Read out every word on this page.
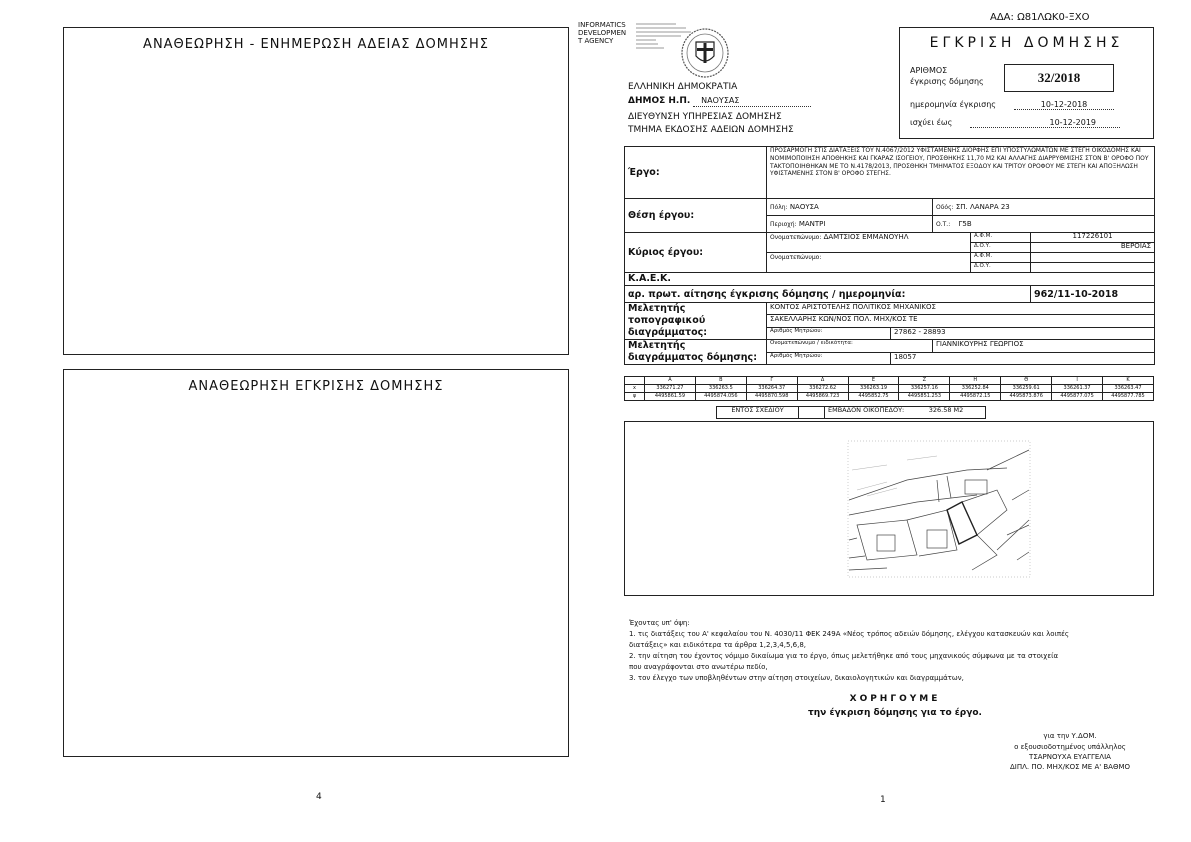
ΑΔΑ: Ω81ΛΩΚ0-ΞΧΟ
ΑΝΑΘΕΩΡΗΣΗ - ΕΝΗΜΕΡΩΣΗ ΑΔΕΙΑΣ ΔΟΜΗΣΗΣ
ΑΝΑΘΕΩΡΗΣΗ ΕΓΚΡΙΣΗΣ ΔΟΜΗΣΗΣ
4
INFORMATICS
DEVELOPMEN
T AGENCY
ΕΛΛΗΝΙΚΗ ΔΗΜΟΚΡΑΤΙΑ
ΔΗΜΟΣ Η.Π. ΝΑΟΥΣΑΣ
ΔΙΕΥΘΥΝΣΗ ΥΠΗΡΕΣΙΑΣ ΔΟΜΗΣΗΣ
ΤΜΗΜΑ ΕΚΔΟΣΗΣ ΑΔΕΙΩΝ ΔΟΜΗΣΗΣ
ΕΓΚΡΙΣΗ ΔΟΜΗΣΗΣ
ΑΡΙΘΜΟΣ
έγκρισης δόμησης	32/2018
ημερομηνία έγκρισης	10-12-2018
ισχύει έως	10-12-2019
Έργο:	ΠΡΟΣΑΡΜΟΓΗ ΣΤΙΣ ΔΙΑΤΑΞΕΙΣ ΤΟΥ Ν.4067/2012 ΥΦΙΣΤΑΜΕΝΗΣ ΔΙΟΡΦΗΣ ΕΠΙ ΥΠΟΣΤΥΛΩΜΑΤΩΝ ΜΕ ΣΤΕΓΗ ΟΙΚΟΔΟΜΗΣ ΚΑΙ ΝΟΜΙΜΟΠΟΙΗΣΗ ΑΠΟΘΗΚΗΣ ΚΑΙ ΓΚΑΡΑΖ ΙΣΟΓΕΙΟΥ, ΠΡΟΣΘΗΚΗΣ 11,70 Μ2 ΚΑΙ ΑΛΛΑΓΗΣ ΔΙΑΡΡΥΘΜΙΣΗΣ ΣΤΟΝ Β' ΟΡΟΦΟ ΠΟΥ ΤΑΚΤΟΠΟΙΗΘΗΚΑΝ ΜΕ ΤΟ Ν.4178/2013, ΠΡΟΣΘΗΚΗ ΤΜΗΜΑΤΟΣ ΕΞΟΔΟΥ ΚΑΙ ΤΡΙΤΟΥ ΟΡΟΦΟΥ ΜΕ ΣΤΕΓΗ ΚΑΙ ΑΠΟΞΗΛΩΣΗ ΥΦΙΣΤΑΜΕΝΗΣ ΣΤΟΝ Β' ΟΡΟΦΟ ΣΤΕΓΗΣ.				
Θέση έργου:	Πόλη: ΝΑΟΥΣΑ		Οδός: ΣΠ. ΛΑΝΑΡΑ 23		
	Περιοχή: ΜΑΝΤΡΙ		Ο.Τ.: Γ5Β		
Κύριος έργου:	Ονοματεπώνυμο: ΔΑΜΤΣΙΟΣ ΕΜΜΑΝΟΥΗΛ			Α.Φ.Μ.	117226101
				Δ.Ο.Υ.	ΒΕΡΟΙΑΣ
	Ονοματεπώνυμο:			Α.Φ.Μ.	
				Δ.Ο.Υ.	
Κ.Α.Ε.Κ.					
αρ. πρωτ. αίτησης έγκρισης δόμησης / ημερομηνία:					962/11-10-2018

Μελετητής
τοπογραφικού διαγράμματος:	ΚΟΝΤΟΣ ΑΡΙΣΤΟΤΕΛΗΣ ΠΟΛΙΤΙΚΟΣ ΜΗΧΑΝΙΚΟΣ				
	ΣΑΚΕΛΛΑΡΗΣ ΚΩΝ/ΝΟΣ ΠΟΛ. ΜΗΧ/ΚΟΣ ΤΕ				
	Αριθμός Μητρώου:	27862 - 28893			

Μελετητής
διαγράμματος δόμησης:	Ονοματεπώνυμο / ειδικότητα:		ΓΙΑΝΝΙΚΟΥΡΗΣ ΓΕΩΡΓΙΟΣ		
	Αριθμός Μητρώου:	18057			
	Α	Β	Γ	Δ	Ε	Ζ	Η	Θ	Ι	Κ
x	336271.27	336263.5	336264.37	336272.62	336263.19	336257.16	336252.84	336259.61	336261.37	336263.47
ψ	4495861.59	4495874.056	4495870.598	4495869.723	4495852.75	4495851.253	4495872.15	4495873.876	4495877.075	4495877.785
ΕΝΤΟΣ ΣΧΕΔΙΟΥ		ΕΜΒΑΔΟΝ ΟΙΚΟΠΕΔΟΥ:	326.58 Μ2
Έχοντας υπ' όψη:
1. τις διατάξεις του Α' κεφαλαίου του Ν. 4030/11 ΦΕΚ 249Α «Νέος τρόπος αδειών δόμησης, ελέγχου κατασκευών και λοιπές
διατάξεις» και ειδικότερα τα άρθρα 1,2,3,4,5,6,8,
2. την αίτηση του έχοντος νόμιμο δικαίωμα για το έργο, όπως μελετήθηκε από τους μηχανικούς σύμφωνα με τα στοιχεία
που αναγράφονται στο ανωτέρω πεδίο,
3. τον έλεγχο των υποβληθέντων στην αίτηση στοιχείων, δικαιολογητικών και διαγραμμάτων,
ΧΟΡΗΓΟΥΜΕ
την έγκριση δόμησης για το έργο.
για την Υ.ΔΟΜ.
ο εξουσιοδοτημένος υπάλληλος
ΤΣΑΡΝΟΥΧΑ ΕΥΑΓΓΕΛΙΑ
ΔΙΠΛ. ΠΟ. ΜΗΧ/ΚΟΣ ΜΕ Α' ΒΑΘΜΟ
1
